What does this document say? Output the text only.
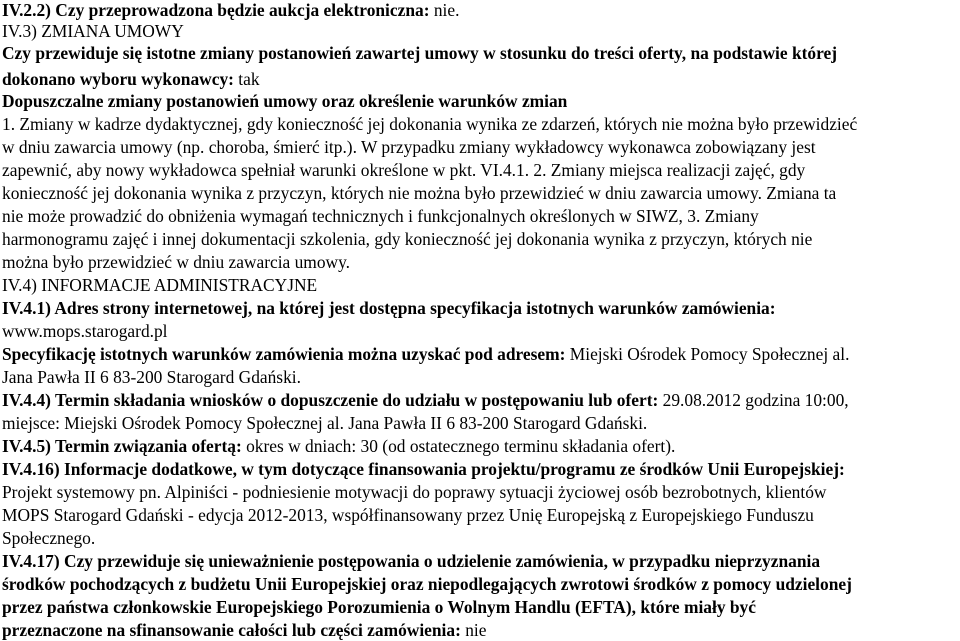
IV.2.2) Czy przeprowadzona będzie aukcja elektroniczna: nie.
IV.3) ZMIANA UMOWY
Czy przewiduje się istotne zmiany postanowień zawartej umowy w stosunku do treści oferty, na podstawie której
dokonano wyboru wykonawcy: tak
Dopuszczalne zmiany postanowień umowy oraz określenie warunków zmian
1. Zmiany w kadrze dydaktycznej, gdy konieczność jej dokonania wynika ze zdarzeń, których nie można było przewidzieć
w dniu zawarcia umowy (np. choroba, śmierć itp.). W przypadku zmiany wykładowcy wykonawca zobowiązany jest
zapewnić, aby nowy wykładowca spełniał warunki określone w pkt. VI.4.1. 2. Zmiany miejsca realizacji zajęć, gdy
konieczność jej dokonania wynika z przyczyn, których nie można było przewidzieć w dniu zawarcia umowy. Zmiana ta
nie może prowadzić do obniżenia wymagań technicznych i funkcjonalnych określonych w SIWZ, 3. Zmiany
harmonogramu zajęć i innej dokumentacji szkolenia, gdy konieczność jej dokonania wynika z przyczyn, których nie
można było przewidzieć w dniu zawarcia umowy.
IV.4) INFORMACJE ADMINISTRACYJNE
IV.4.1) Adres strony internetowej, na której jest dostępna specyfikacja istotnych warunków zamówienia:
www.mops.starogard.pl
Specyfikację istotnych warunków zamówienia można uzyskać pod adresem: Miejski Ośrodek Pomocy Społecznej al.
Jana Pawła II 6 83-200 Starogard Gdański.
IV.4.4) Termin składania wniosków o dopuszczenie do udziału w postępowaniu lub ofert: 29.08.2012 godzina 10:00,
miejsce: Miejski Ośrodek Pomocy Społecznej al. Jana Pawła II 6 83-200 Starogard Gdański.
IV.4.5) Termin związania ofertą: okres w dniach: 30 (od ostatecznego terminu składania ofert).
IV.4.16) Informacje dodatkowe, w tym dotyczące finansowania projektu/programu ze środków Unii Europejskiej:
Projekt systemowy pn. Alpiniści - podniesienie motywacji do poprawy sytuacji życiowej osób bezrobotnych, klientów
MOPS Starogard Gdański - edycja 2012-2013, współfinansowany przez Unię Europejską z Europejskiego Funduszu
Społecznego.
IV.4.17) Czy przewiduje się unieważnienie postępowania o udzielenie zamówienia, w przypadku nieprzyznania
środków pochodzących z budżetu Unii Europejskiej oraz niepodlegających zwrotowi środków z pomocy udzielonej
przez państwa członkowskie Europejskiego Porozumienia o Wolnym Handlu (EFTA), które miały być
przeznaczone na sfinansowanie całości lub części zamówienia: nie
